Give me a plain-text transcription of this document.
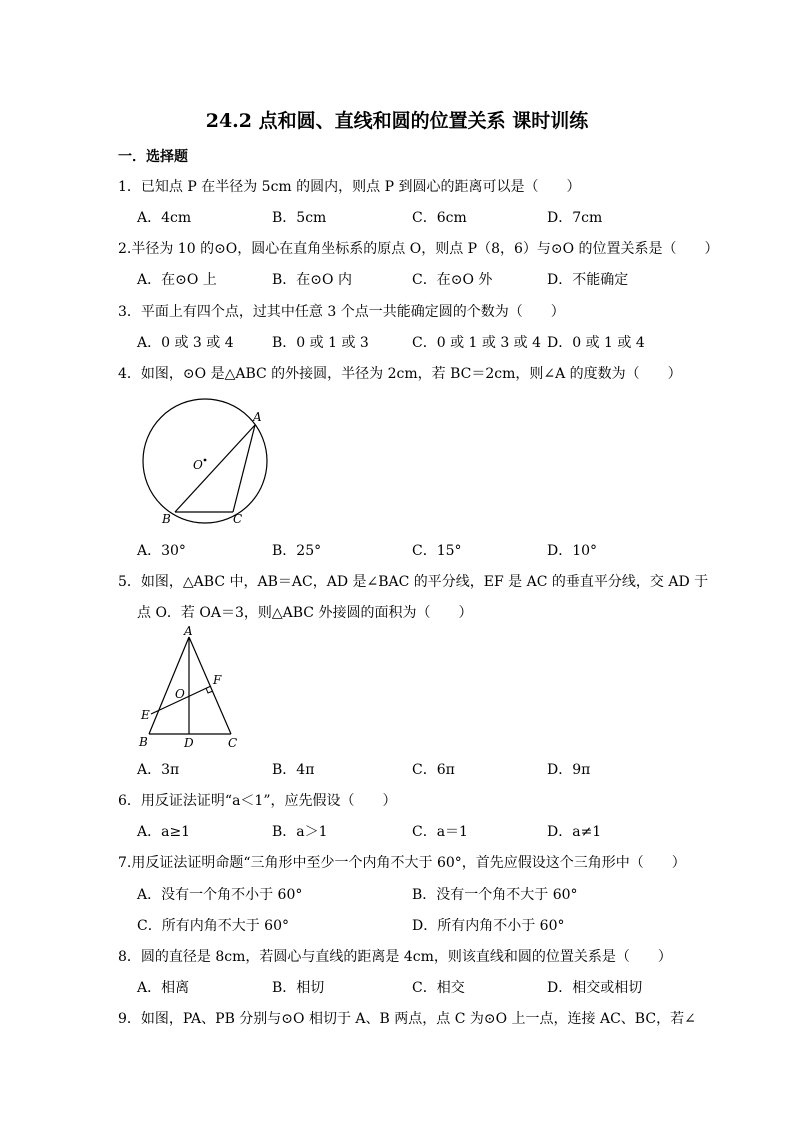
24.2 点和圆、直线和圆的位置关系 课时训练
一．选择题
1．已知点 P 在半径为 5cm 的圆内，则点 P 到圆心的距离可以是（　　）
A．4cm	B．5cm	C．6cm	D．7cm
2.半径为 10 的⊙O，圆心在直角坐标系的原点 O，则点 P（8，6）与⊙O 的位置关系是（　　）
A．在⊙O 上	B．在⊙O 内	C．在⊙O 外	D．不能确定
3．平面上有四个点，过其中任意 3 个点一共能确定圆的个数为（　　）
A．0 或 3 或 4	B．0 或 1 或 3	C．0 或 1 或 3 或 4 D．0 或 1 或 4
4．如图，⊙O 是△ABC 的外接圆，半径为 2cm，若 BC＝2cm，则∠A 的度数为（　　）
A
B	C
O
A．30°	B．25°	C．15°	D．10°
5．如图，△ABC 中，AB＝AC，AD 是∠BAC 的平分线，EF 是 AC 的垂直平分线，交 AD 于
点 O．若 OA＝3，则△ABC 外接圆的面积为（　　）
A
B	D	C
E
F
O
A．3π	B．4π	C．6π	D．9π
6．用反证法证明“a＜1”，应先假设（　　）
A．a≥1	B．a＞1	C．a＝1	D．a≠1
7.用反证法证明命题“三角形中至少一个内角不大于 60°，首先应假设这个三角形中（　　）
A．没有一个角不小于 60°	B．没有一个角不大于 60°
C．所有内角不大于 60°	D．所有内角不小于 60°
8．圆的直径是 8cm，若圆心与直线的距离是 4cm，则该直线和圆的位置关系是（　　）
A．相离	B．相切	C．相交	D．相交或相切
9．如图，PA、PB 分别与⊙O 相切于 A、B 两点，点 C 为⊙O 上一点，连接 AC、BC，若∠
